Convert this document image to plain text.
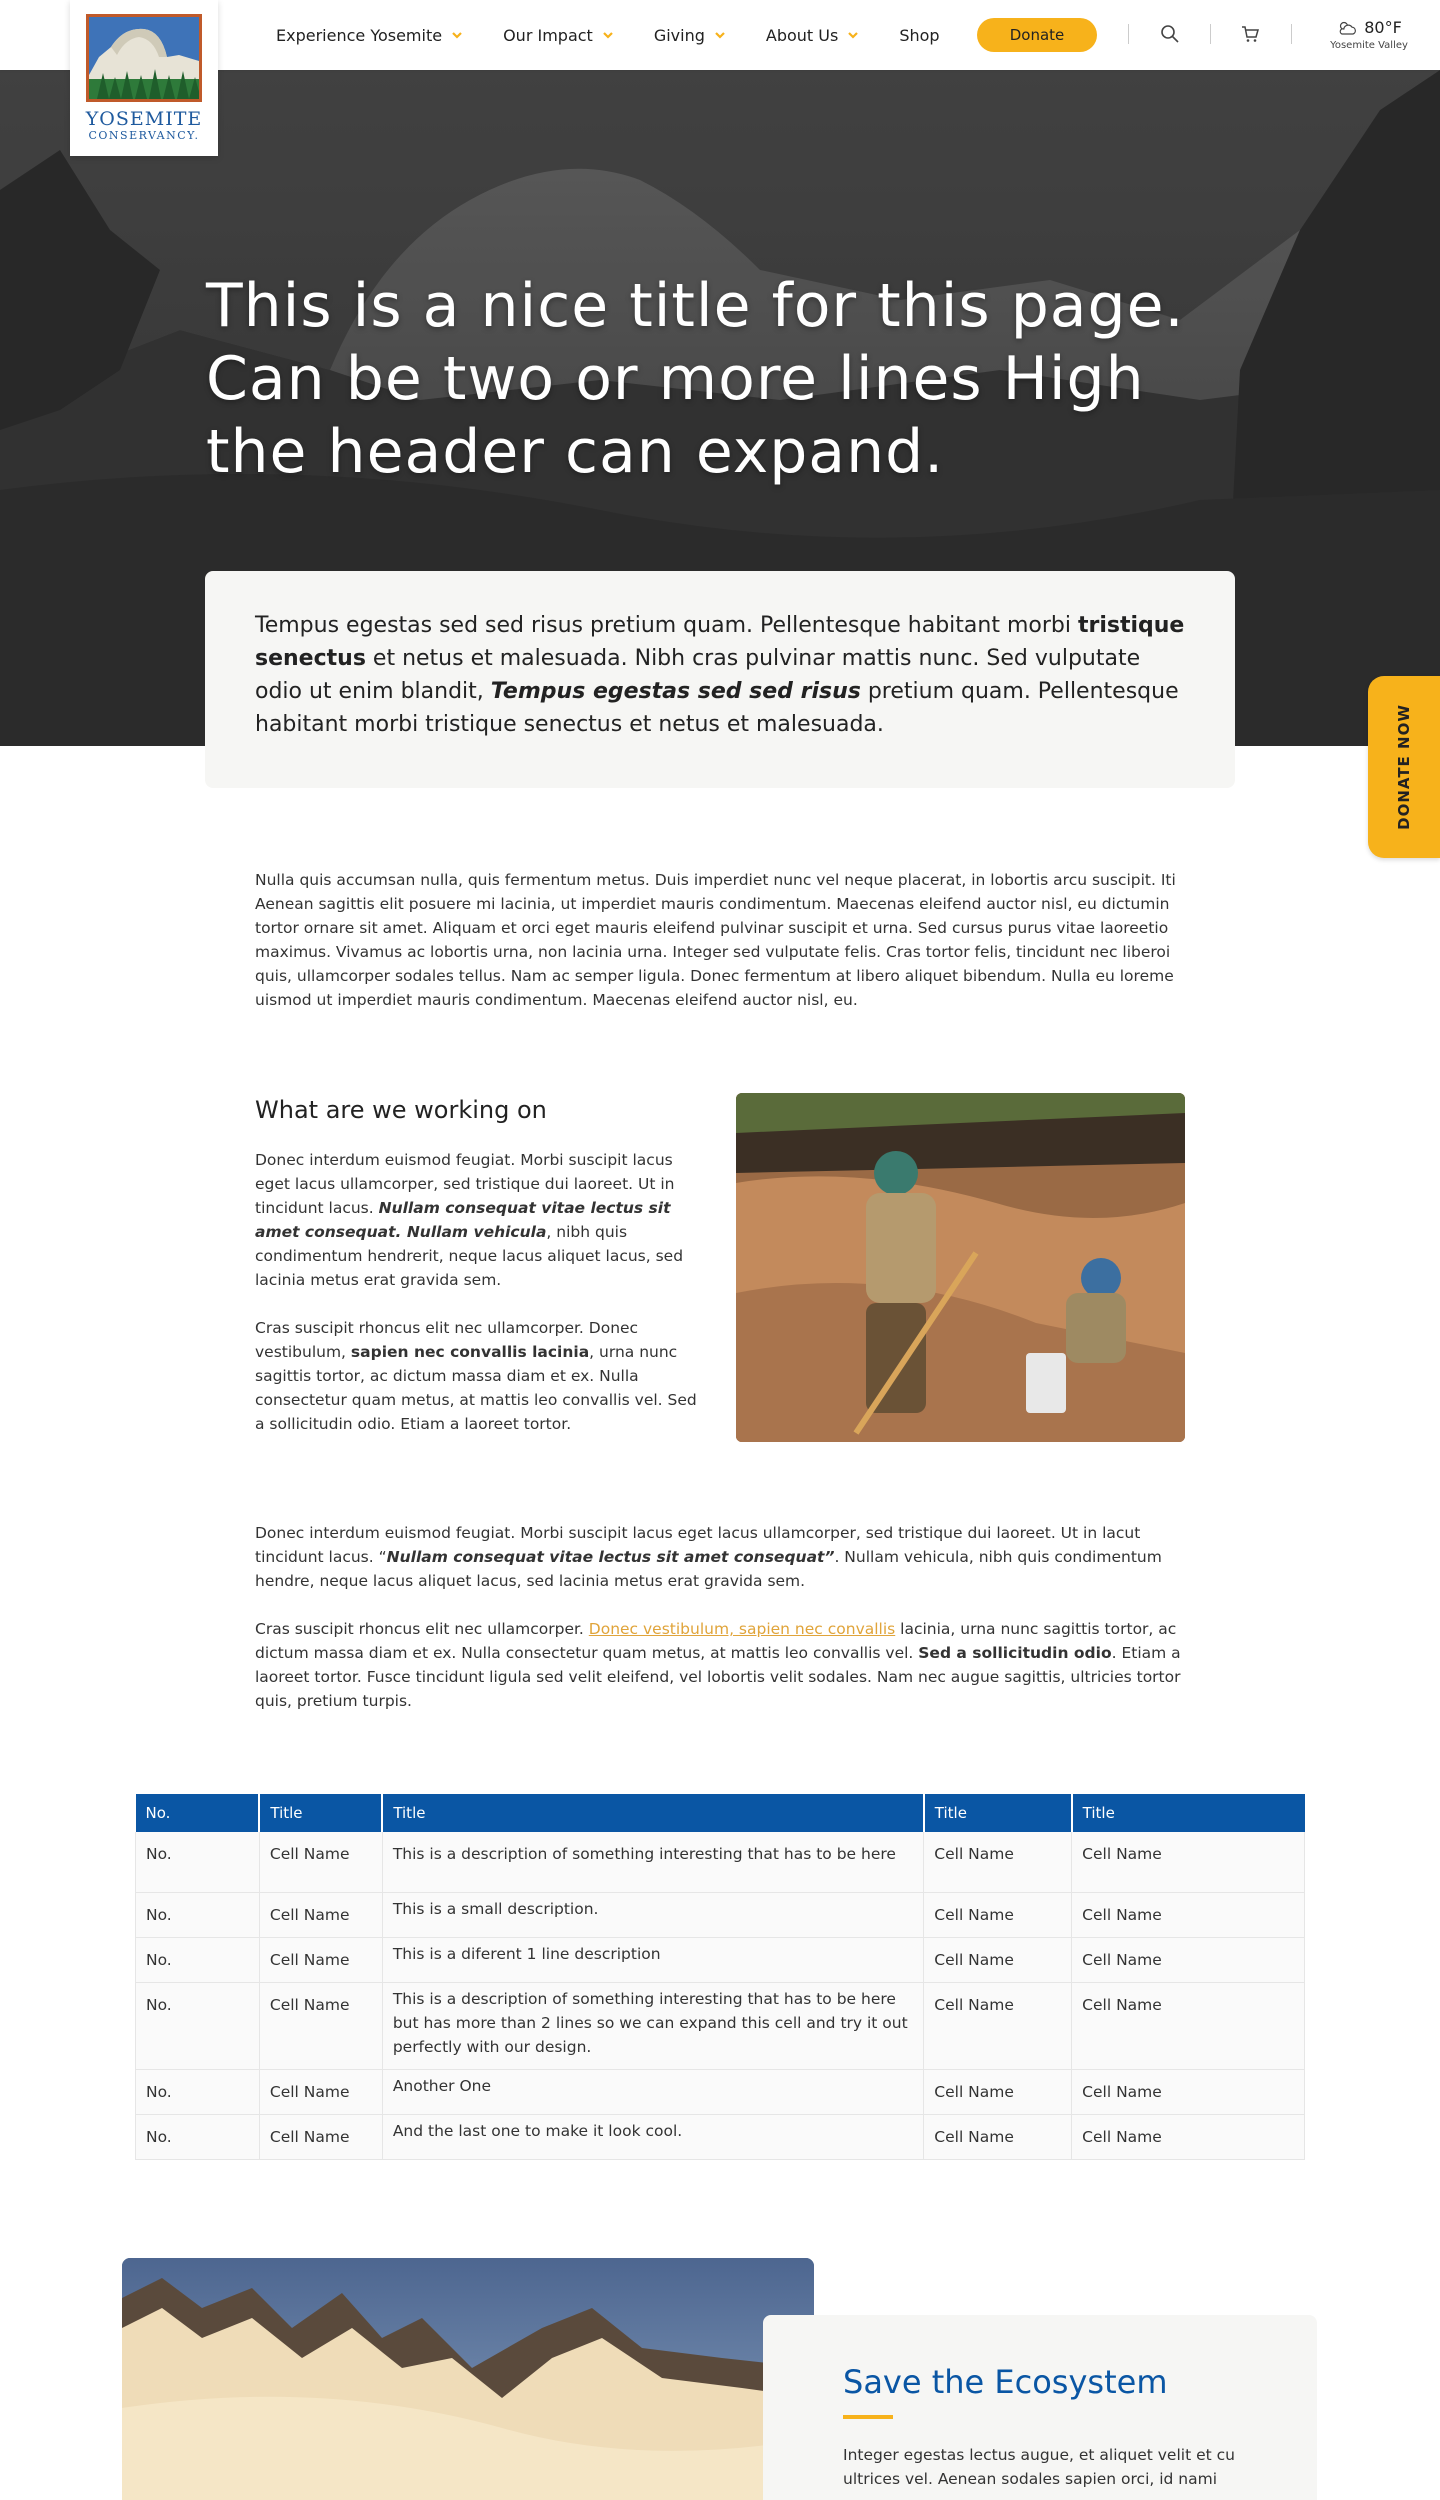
Experience Yosemite	Our Impact	Giving	About Us	Shop	Donate	80°F
Yosemite Valley
YOSEMITE
CONSERVANCY.
This is a nice title for this page. Can be two or more lines High the header can expand.

Tempus egestas sed sed risus pretium quam. Pellentesque habitant morbi tristique senectus et netus et malesuada. Nibh cras pulvinar mattis nunc. Sed vulputate odio ut enim blandit, Tempus egestas sed sed risus pretium quam. Pellentesque habitant morbi tristique senectus et netus et malesuada.	DONATE NOW

Nulla quis accumsan nulla, quis fermentum metus. Duis imperdiet nunc vel neque placerat, in lobortis arcu suscipit. Iti Aenean sagittis elit posuere mi lacinia, ut imperdiet mauris condimentum. Maecenas eleifend auctor nisl, eu dictumin tortor ornare sit amet. Aliquam et orci eget mauris eleifend pulvinar suscipit et urna. Sed cursus purus vitae laoreetio maximus. Vivamus ac lobortis urna, non lacinia urna. Integer sed vulputate felis. Cras tortor felis, tincidunt nec liberoi quis, ullamcorper sodales tellus. Nam ac semper ligula. Donec fermentum at libero aliquet bibendum. Nulla eu loreme uismod ut imperdiet mauris condimentum. Maecenas eleifend auctor nisl, eu.

What are we working on

Donec interdum euismod feugiat. Morbi suscipit lacus eget lacus ullamcorper, sed tristique dui laoreet. Ut in tincidunt lacus. Nullam consequat vitae lectus sit amet consequat. Nullam vehicula, nibh quis condimentum hendrerit, neque lacus aliquet lacus, sed lacinia metus erat gravida sem.

Cras suscipit rhoncus elit nec ullamcorper. Donec vestibulum, sapien nec convallis lacinia, urna nunc sagittis tortor, ac dictum massa diam et ex. Nulla consectetur quam metus, at mattis leo convallis vel. Sed a sollicitudin odio. Etiam a laoreet tortor.

Donec interdum euismod feugiat. Morbi suscipit lacus eget lacus ullamcorper, sed tristique dui laoreet. Ut in lacut tincidunt lacus. “Nullam consequat vitae lectus sit amet consequat”. Nullam vehicula, nibh quis condimentum hendre, neque lacus aliquet lacus, sed lacinia metus erat gravida sem.

Cras suscipit rhoncus elit nec ullamcorper. Donec vestibulum, sapien nec convallis lacinia, urna nunc sagittis tortor, ac dictum massa diam et ex. Nulla consectetur quam metus, at mattis leo convallis vel. Sed a sollicitudin odio. Etiam a laoreet tortor. Fusce tincidunt ligula sed velit eleifend, vel lobortis velit sodales. Nam nec augue sagittis, ultricies tortor quis, pretium turpis.

No.	Title	Title	Title	Title
No.	Cell Name	This is a description of something interesting that has to be here	Cell Name	Cell Name
No.	Cell Name	This is a small description.	Cell Name	Cell Name
No.	Cell Name	This is a diferent 1 line description	Cell Name	Cell Name
No.	Cell Name	This is a description of something interesting that has to be here but has more than 2 lines so we can expand this cell and try it out perfectly with our design.	Cell Name	Cell Name
No.	Cell Name	Another One	Cell Name	Cell Name
No.	Cell Name	And the last one to make it look cool.	Cell Name	Cell Name
Save the Ecosystem

Integer egestas lectus augue, et aliquet velit et cu ultrices vel. Aenean sodales sapien orci, id nami
